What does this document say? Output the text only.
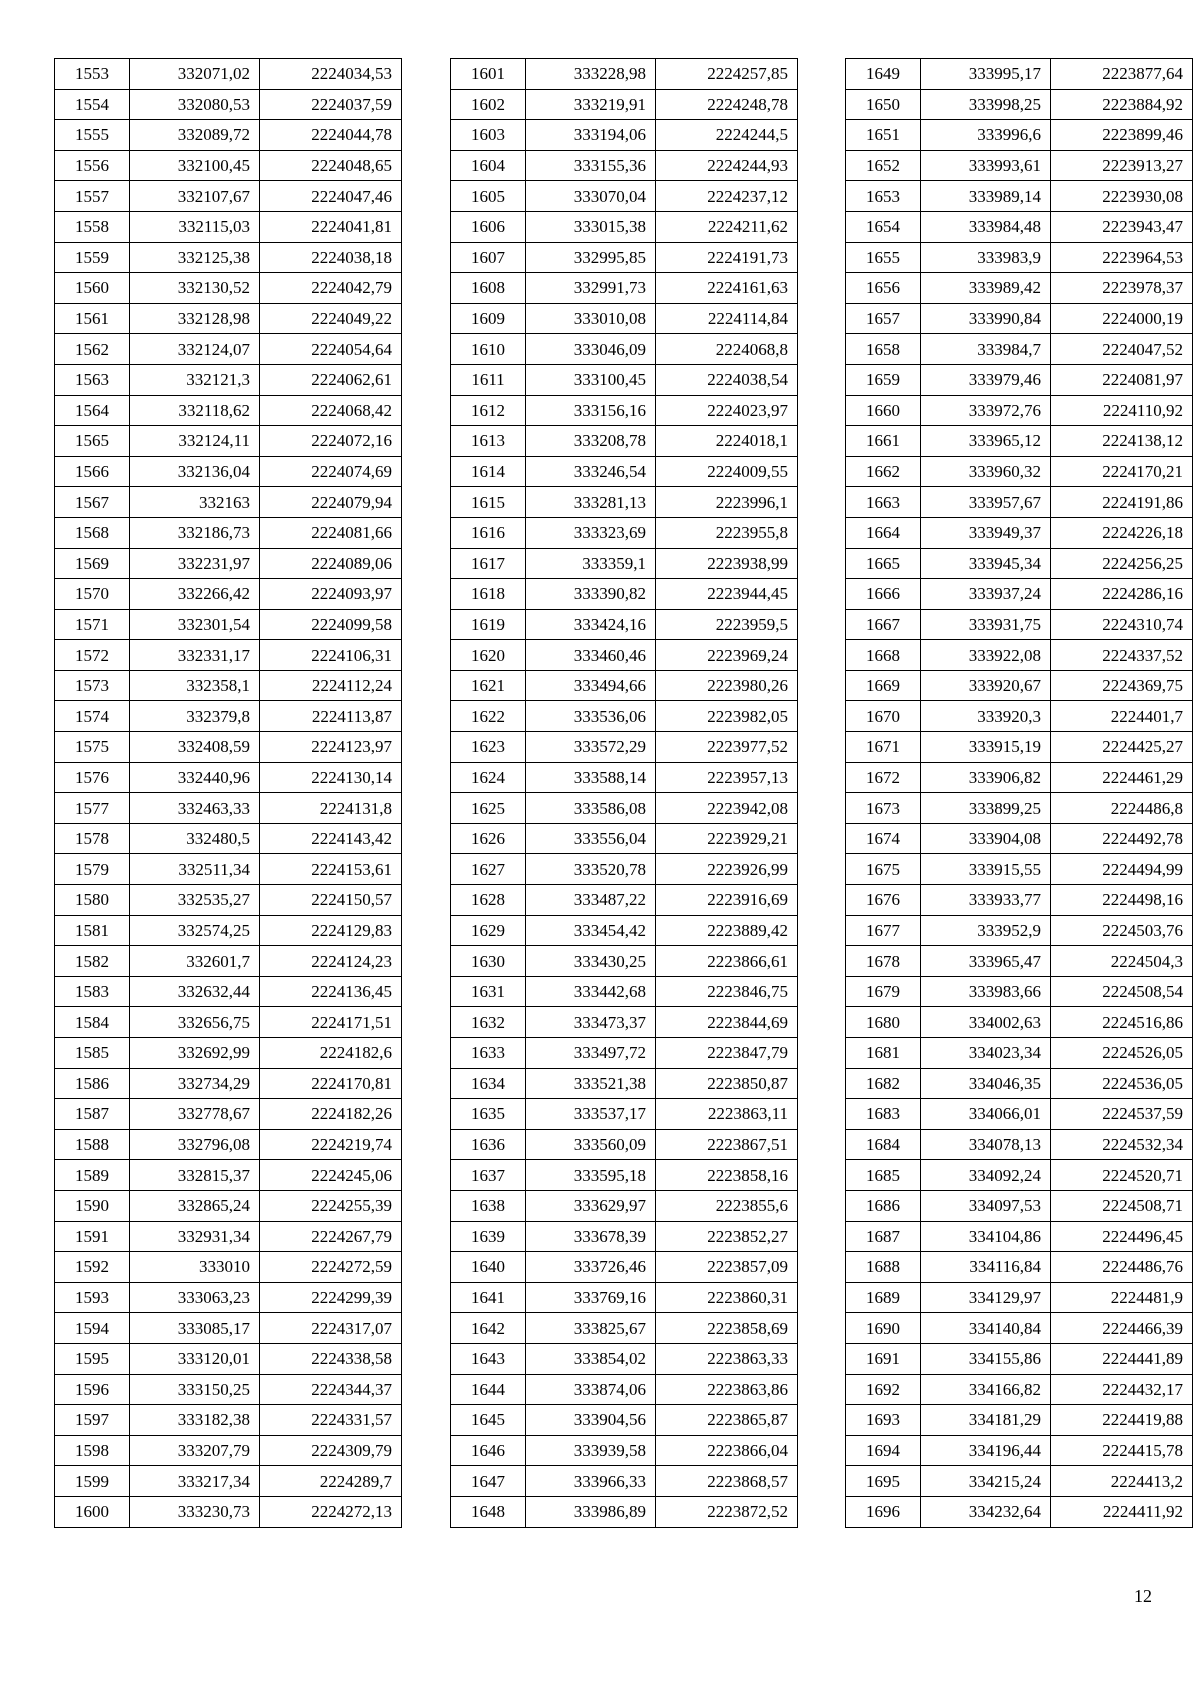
1553	332071,02	2224034,53
1554	332080,53	2224037,59
1555	332089,72	2224044,78
1556	332100,45	2224048,65
1557	332107,67	2224047,46
1558	332115,03	2224041,81
1559	332125,38	2224038,18
1560	332130,52	2224042,79
1561	332128,98	2224049,22
1562	332124,07	2224054,64
1563	332121,3	2224062,61
1564	332118,62	2224068,42
1565	332124,11	2224072,16
1566	332136,04	2224074,69
1567	332163	2224079,94
1568	332186,73	2224081,66
1569	332231,97	2224089,06
1570	332266,42	2224093,97
1571	332301,54	2224099,58
1572	332331,17	2224106,31
1573	332358,1	2224112,24
1574	332379,8	2224113,87
1575	332408,59	2224123,97
1576	332440,96	2224130,14
1577	332463,33	2224131,8
1578	332480,5	2224143,42
1579	332511,34	2224153,61
1580	332535,27	2224150,57
1581	332574,25	2224129,83
1582	332601,7	2224124,23
1583	332632,44	2224136,45
1584	332656,75	2224171,51
1585	332692,99	2224182,6
1586	332734,29	2224170,81
1587	332778,67	2224182,26
1588	332796,08	2224219,74
1589	332815,37	2224245,06
1590	332865,24	2224255,39
1591	332931,34	2224267,79
1592	333010	2224272,59
1593	333063,23	2224299,39
1594	333085,17	2224317,07
1595	333120,01	2224338,58
1596	333150,25	2224344,37
1597	333182,38	2224331,57
1598	333207,79	2224309,79
1599	333217,34	2224289,7
1600	333230,73	2224272,13
1601	333228,98	2224257,85
1602	333219,91	2224248,78
1603	333194,06	2224244,5
1604	333155,36	2224244,93
1605	333070,04	2224237,12
1606	333015,38	2224211,62
1607	332995,85	2224191,73
1608	332991,73	2224161,63
1609	333010,08	2224114,84
1610	333046,09	2224068,8
1611	333100,45	2224038,54
1612	333156,16	2224023,97
1613	333208,78	2224018,1
1614	333246,54	2224009,55
1615	333281,13	2223996,1
1616	333323,69	2223955,8
1617	333359,1	2223938,99
1618	333390,82	2223944,45
1619	333424,16	2223959,5
1620	333460,46	2223969,24
1621	333494,66	2223980,26
1622	333536,06	2223982,05
1623	333572,29	2223977,52
1624	333588,14	2223957,13
1625	333586,08	2223942,08
1626	333556,04	2223929,21
1627	333520,78	2223926,99
1628	333487,22	2223916,69
1629	333454,42	2223889,42
1630	333430,25	2223866,61
1631	333442,68	2223846,75
1632	333473,37	2223844,69
1633	333497,72	2223847,79
1634	333521,38	2223850,87
1635	333537,17	2223863,11
1636	333560,09	2223867,51
1637	333595,18	2223858,16
1638	333629,97	2223855,6
1639	333678,39	2223852,27
1640	333726,46	2223857,09
1641	333769,16	2223860,31
1642	333825,67	2223858,69
1643	333854,02	2223863,33
1644	333874,06	2223863,86
1645	333904,56	2223865,87
1646	333939,58	2223866,04
1647	333966,33	2223868,57
1648	333986,89	2223872,52
1649	333995,17	2223877,64
1650	333998,25	2223884,92
1651	333996,6	2223899,46
1652	333993,61	2223913,27
1653	333989,14	2223930,08
1654	333984,48	2223943,47
1655	333983,9	2223964,53
1656	333989,42	2223978,37
1657	333990,84	2224000,19
1658	333984,7	2224047,52
1659	333979,46	2224081,97
1660	333972,76	2224110,92
1661	333965,12	2224138,12
1662	333960,32	2224170,21
1663	333957,67	2224191,86
1664	333949,37	2224226,18
1665	333945,34	2224256,25
1666	333937,24	2224286,16
1667	333931,75	2224310,74
1668	333922,08	2224337,52
1669	333920,67	2224369,75
1670	333920,3	2224401,7
1671	333915,19	2224425,27
1672	333906,82	2224461,29
1673	333899,25	2224486,8
1674	333904,08	2224492,78
1675	333915,55	2224494,99
1676	333933,77	2224498,16
1677	333952,9	2224503,76
1678	333965,47	2224504,3
1679	333983,66	2224508,54
1680	334002,63	2224516,86
1681	334023,34	2224526,05
1682	334046,35	2224536,05
1683	334066,01	2224537,59
1684	334078,13	2224532,34
1685	334092,24	2224520,71
1686	334097,53	2224508,71
1687	334104,86	2224496,45
1688	334116,84	2224486,76
1689	334129,97	2224481,9
1690	334140,84	2224466,39
1691	334155,86	2224441,89
1692	334166,82	2224432,17
1693	334181,29	2224419,88
1694	334196,44	2224415,78
1695	334215,24	2224413,2
1696	334232,64	2224411,92
12
